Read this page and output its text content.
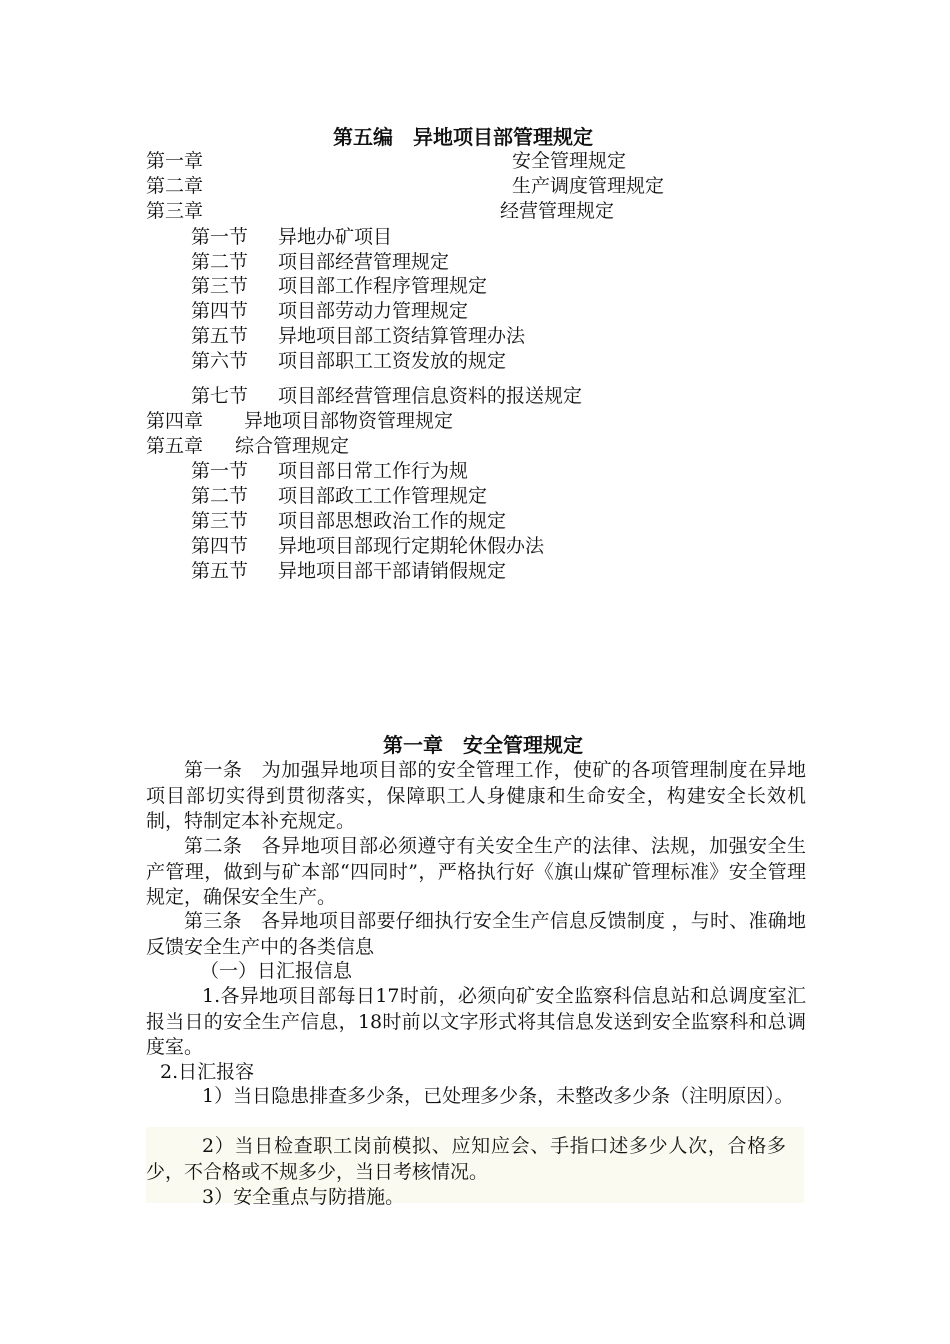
第五编　异地项目部管理规定
第一章	安全管理规定
第二章	生产调度管理规定
第三章	经营管理规定
第一节 异地办矿项目
第二节 项目部经营管理规定
第三节 项目部工作程序管理规定
第四节 项目部劳动力管理规定
第五节 异地项目部工资结算管理办法
第六节 项目部职工工资发放的规定
第七节 项目部经营管理信息资料的报送规定
第四章 异地项目部物资管理规定
第五章 综合管理规定
第一节 项目部日常工作行为规
第二节 项目部政工工作管理规定
第三节 项目部思想政治工作的规定
第四节 异地项目部现行定期轮休假办法
第五节 异地项目部干部请销假规定
第一章　安全管理规定
第一条　为加强异地项目部的安全管理工作，使矿的各项管理制度在异地项目部切实得到贯彻落实，保障职工人身健康和生命安全，构建安全长效机制，特制定本补充规定。
第二条　各异地项目部必须遵守有关安全生产的法律、法规，加强安全生产管理，做到与矿本部“四同时”，严格执行好《旗山煤矿管理标准》安全管理规定，确保安全生产。
第三条　各异地项目部要仔细执行安全生产信息反馈制度 ，与时、准确地反馈安全生产中的各类信息
（一）日汇报信息
1.各异地项目部每日17时前，必须向矿安全监察科信息站和总调度室汇报当日的安全生产信息，18时前以文字形式将其信息发送到安全监察科和总调度室。
2.日汇报容
1）当日隐患排查多少条，已处理多少条，未整改多少条（注明原因）。
2）当日检查职工岗前模拟、应知应会、手指口述多少人次，合格多少，不合格或不规多少，当日考核情况。
3）安全重点与防措施。
